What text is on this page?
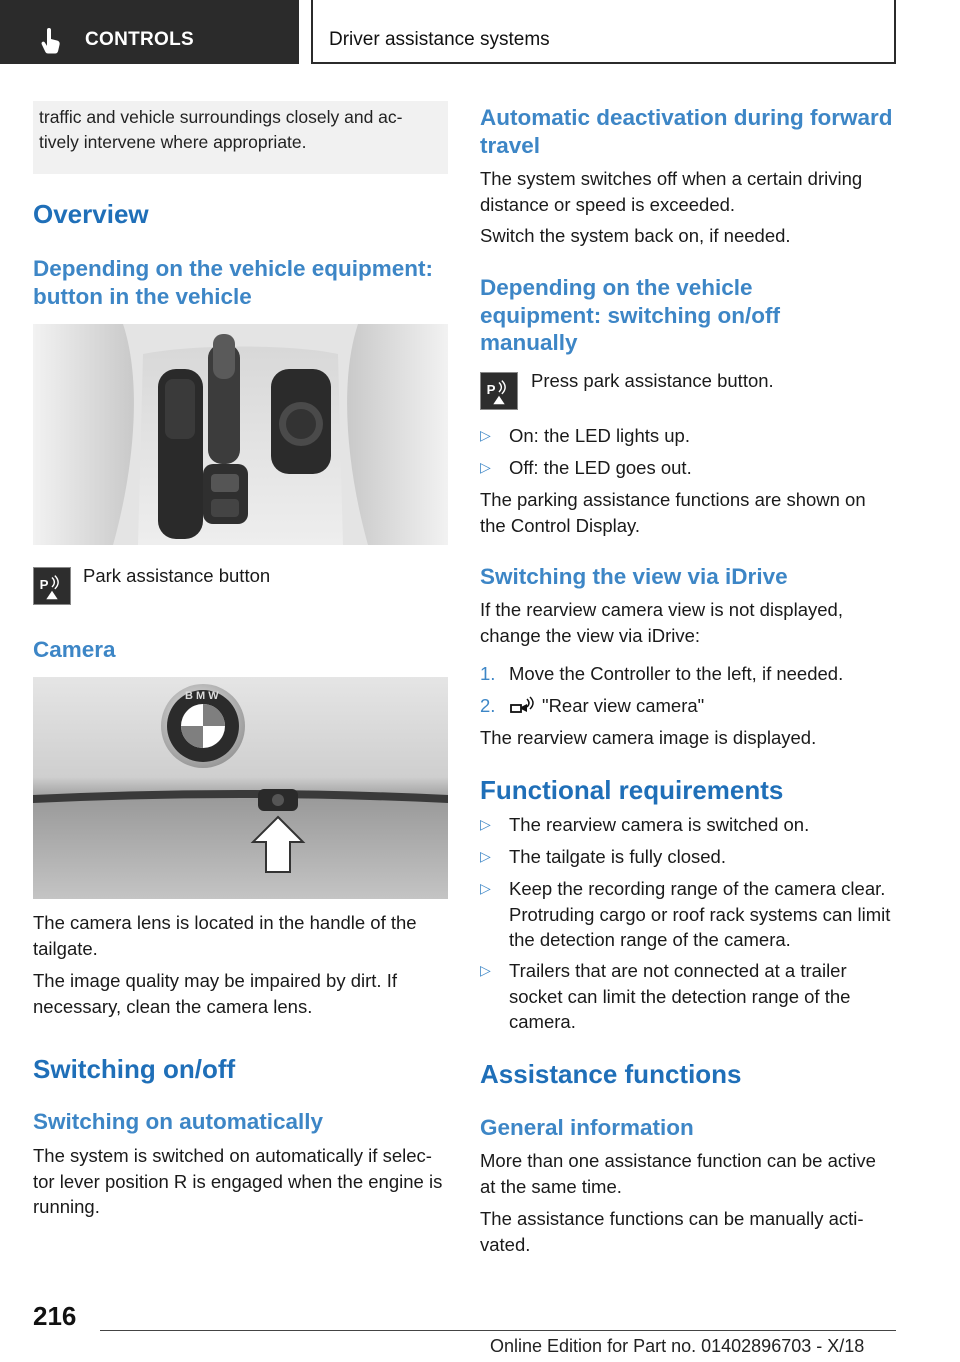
CONTROLS	Driver assistance systems
traffic and vehicle surroundings closely and ac‐ tively intervene where appropriate.
Overview
Depending on the vehicle equipment: button in the vehicle
P Park assistance button
Camera
B M W
The camera lens is located in the handle of the tailgate.
The image quality may be impaired by dirt. If necessary, clean the camera lens.
Switching on/off
Switching on automatically
The system is switched on automatically if selec‐ tor lever position R is engaged when the engine is running.
Automatic deactivation during forward travel
The system switches off when a certain driving distance or speed is exceeded.
Switch the system back on, if needed.
Depending on the vehicle equipment: switching on/off manually
P Press park assistance button.
▷ On: the LED lights up.
▷ Off: the LED goes out.
The parking assistance functions are shown on the Control Display.
Switching the view via iDrive
If the rearview camera view is not displayed, change the view via iDrive:
1. Move the Controller to the left, if needed.
2.	"Rear view camera"
The rearview camera image is displayed.
Functional requirements
▷ The rearview camera is switched on.
▷ The tailgate is fully closed.
▷ Keep the recording range of the camera clear. Protruding cargo or roof rack systems can limit the detection range of the camera.
▷ Trailers that are not connected at a trailer socket can limit the detection range of the camera.
Assistance functions
General information
More than one assistance function can be active at the same time.
The assistance functions can be manually acti‐ vated.
216
Online Edition for Part no. 01402896703 - X/18
